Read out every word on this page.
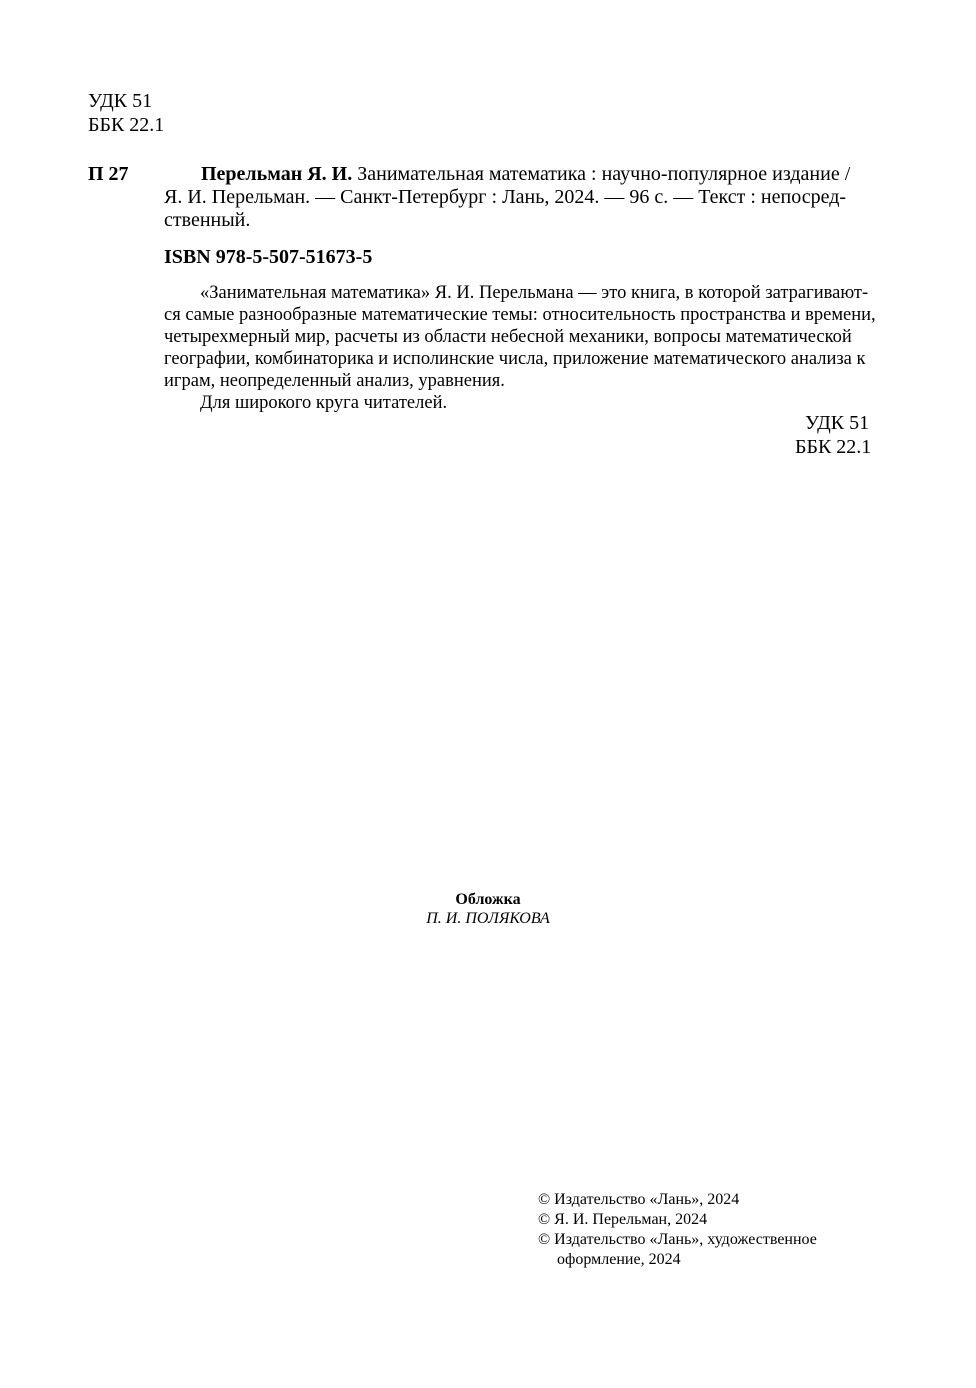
УДК 51
ББК 22.1
П 27	Перельман Я. И. Занимательная математика : научно-популярное издание /
Я. И. Перельман. — Санкт-Петербург : Лань, 2024. — 96 с. — Текст : непосред-
ственный.
ISBN 978-5-507-51673-5
«Занимательная математика» Я. И. Перельмана — это книга, в которой затрагивают-
ся самые разнообразные математические темы: относительность пространства и времени,
четырехмерный мир, расчеты из области небесной механики, вопросы математической
географии, комбинаторика и исполинские числа, приложение математического анализа к
играм, неопределенный анализ, уравнения.
Для широкого круга читателей.
УДК 51
ББК 22.1
Обложка
П. И. ПОЛЯКОВА
© Издательство «Лань», 2024
© Я. И. Перельман, 2024
© Издательство «Лань», художественное
оформление, 2024
